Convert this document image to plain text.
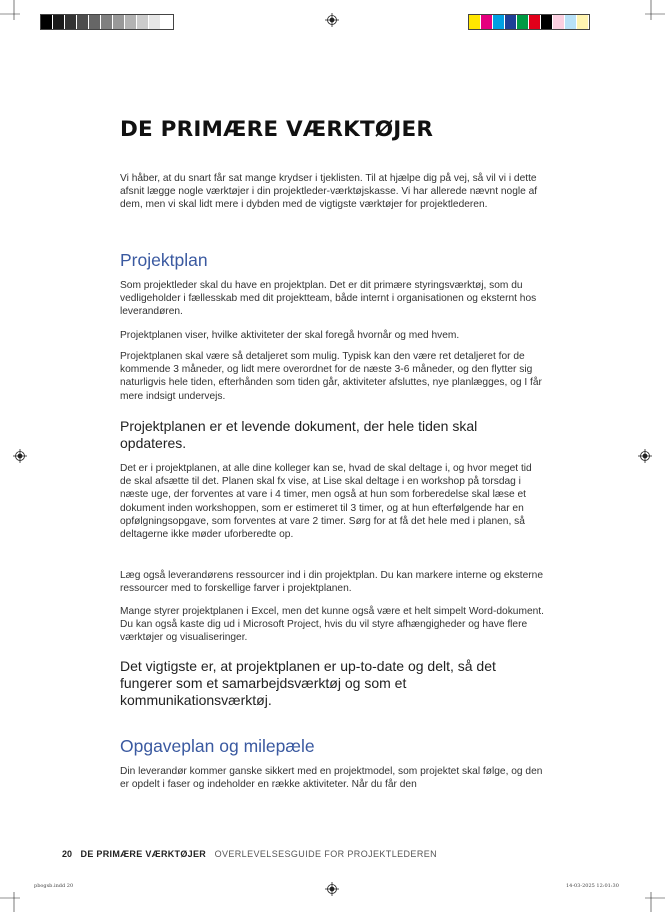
DE PRIMÆRE VÆRKTØJER

Vi håber, at du snart får sat mange krydser i tjeklisten. Til at hjælpe dig på vej, så vil vi i dette afsnit lægge nogle værktøjer i din projektleder-værktøjskasse. Vi har allerede nævnt nogle af dem, men vi skal lidt mere i dybden med de vigtigste værktøjer for projektlederen.

Projektplan

Som projektleder skal du have en projektplan. Det er dit primære styringsværktøj, som du vedligeholder i fællesskab med dit projektteam, både internt i organisationen og eksternt hos leverandøren.

Projektplanen viser, hvilke aktiviteter der skal foregå hvornår og med hvem.

Projektplanen skal være så detaljeret som mulig. Typisk kan den være ret detaljeret for de kommende 3 måneder, og lidt mere overordnet for de næste 3-6 måneder, og den flytter sig naturligvis hele tiden, efterhånden som tiden går, aktiviteter afsluttes, nye planlægges, og I får mere indsigt undervejs.

Projektplanen er et levende dokument, der hele tiden skal opdateres.

Det er i projektplanen, at alle dine kolleger kan se, hvad de skal deltage i, og hvor meget tid de skal afsætte til det. Planen skal fx vise, at Lise skal deltage i en workshop på torsdag i næste uge, der forventes at vare i 4 timer, men også at hun som forberedelse skal læse et dokument inden workshoppen, som er estimeret til 3 timer, og at hun efterfølgende har en opfølgningsopgave, som forventes at vare 2 timer. Sørg for at få det hele med i planen, så deltagerne ikke møder uforberedte op.

Læg også leverandørens ressourcer ind i din projektplan. Du kan markere interne og eksterne ressourcer med to forskellige farver i projektplanen.

Mange styrer projektplanen i Excel, men det kunne også være et helt simpelt Word-dokument. Du kan også kaste dig ud i Microsoft Project, hvis du vil styre afhængigheder og have flere værktøjer og visualiseringer.

Det vigtigste er, at projektplanen er up-to-date og delt, så det fungerer som et samarbejdsværktøj og som et kommunikationsværktøj.

Opgaveplan og milepæle

Din leverandør kommer ganske sikkert med en projektmodel, som projektet skal følge, og den er opdelt i faser og indeholder en række aktiviteter. Når du får den

20 DE PRIMÆRE VÆRKTØJER OVERLEVELSESGUIDE FOR PROJEKTLEDEREN
pbogsb.indd 20	14-03-2025 12:01:30
